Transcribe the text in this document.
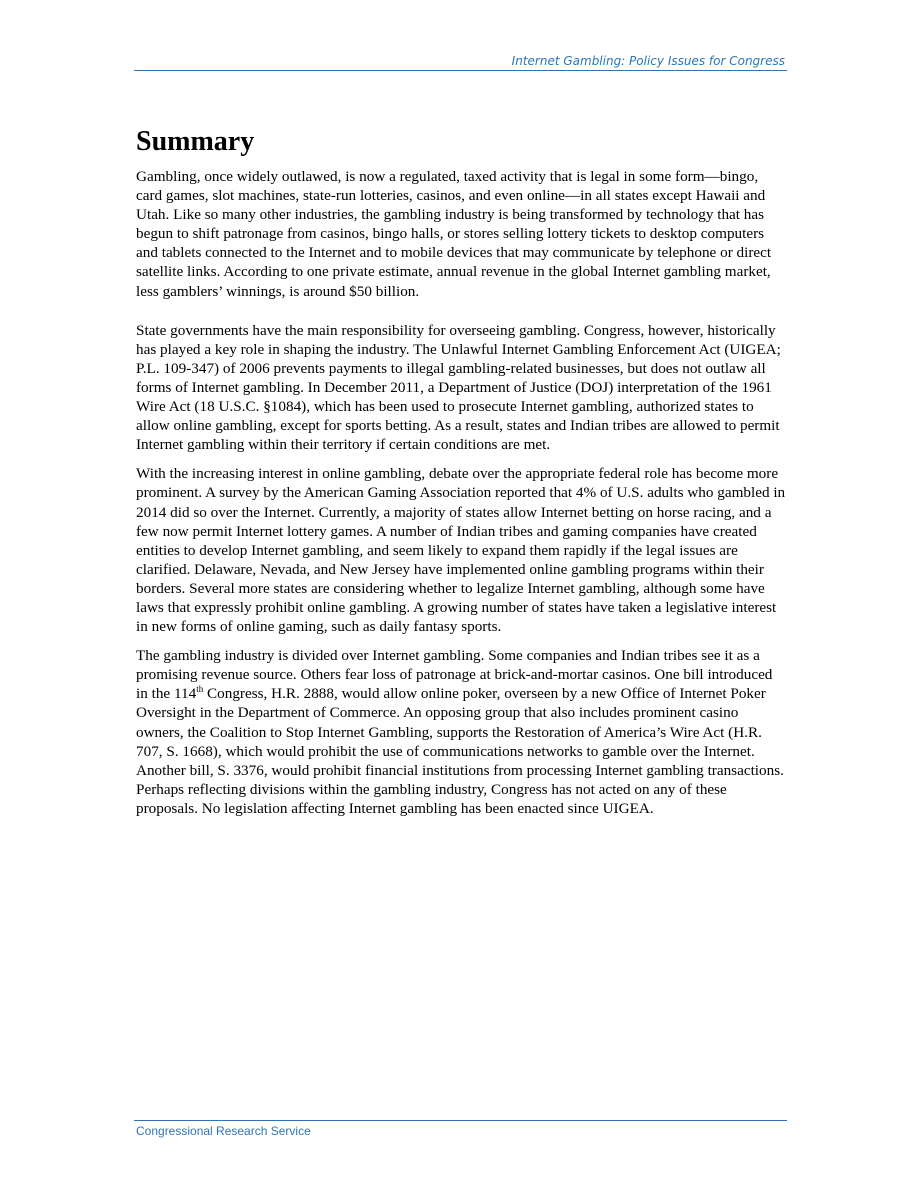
Internet Gambling: Policy Issues for Congress
Summary

Gambling, once widely outlawed, is now a regulated, taxed activity that is legal in some form—bingo, card games, slot machines, state-run lotteries, casinos, and even online—in all states except Hawaii and Utah. Like so many other industries, the gambling industry is being transformed by technology that has begun to shift patronage from casinos, bingo halls, or stores selling lottery tickets to desktop computers and tablets connected to the Internet and to mobile devices that may communicate by telephone or direct satellite links. According to one private estimate, annual revenue in the global Internet gambling market, less gamblers’ winnings, is around $50 billion.

State governments have the main responsibility for overseeing gambling. Congress, however, historically has played a key role in shaping the industry. The Unlawful Internet Gambling Enforcement Act (UIGEA; P.L. 109-347) of 2006 prevents payments to illegal gambling-related businesses, but does not outlaw all forms of Internet gambling. In December 2011, a Department of Justice (DOJ) interpretation of the 1961 Wire Act (18 U.S.C. §1084), which has been used to prosecute Internet gambling, authorized states to allow online gambling, except for sports betting. As a result, states and Indian tribes are allowed to permit Internet gambling within their territory if certain conditions are met.

With the increasing interest in online gambling, debate over the appropriate federal role has become more prominent. A survey by the American Gaming Association reported that 4% of U.S. adults who gambled in 2014 did so over the Internet. Currently, a majority of states allow Internet betting on horse racing, and a few now permit Internet lottery games. A number of Indian tribes and gaming companies have created entities to develop Internet gambling, and seem likely to expand them rapidly if the legal issues are clarified. Delaware, Nevada, and New Jersey have implemented online gambling programs within their borders. Several more states are considering whether to legalize Internet gambling, although some have laws that expressly prohibit online gambling. A growing number of states have taken a legislative interest in new forms of online gaming, such as daily fantasy sports.

The gambling industry is divided over Internet gambling. Some companies and Indian tribes see it as a promising revenue source. Others fear loss of patronage at brick-and-mortar casinos. One bill introduced in the 114th Congress, H.R. 2888, would allow online poker, overseen by a new Office of Internet Poker Oversight in the Department of Commerce. An opposing group that also includes prominent casino owners, the Coalition to Stop Internet Gambling, supports the Restoration of America’s Wire Act (H.R. 707, S. 1668), which would prohibit the use of communications networks to gamble over the Internet. Another bill, S. 3376, would prohibit financial institutions from processing Internet gambling transactions. Perhaps reflecting divisions within the gambling industry, Congress has not acted on any of these proposals. No legislation affecting Internet gambling has been enacted since UIGEA.

Congressional Research Service
